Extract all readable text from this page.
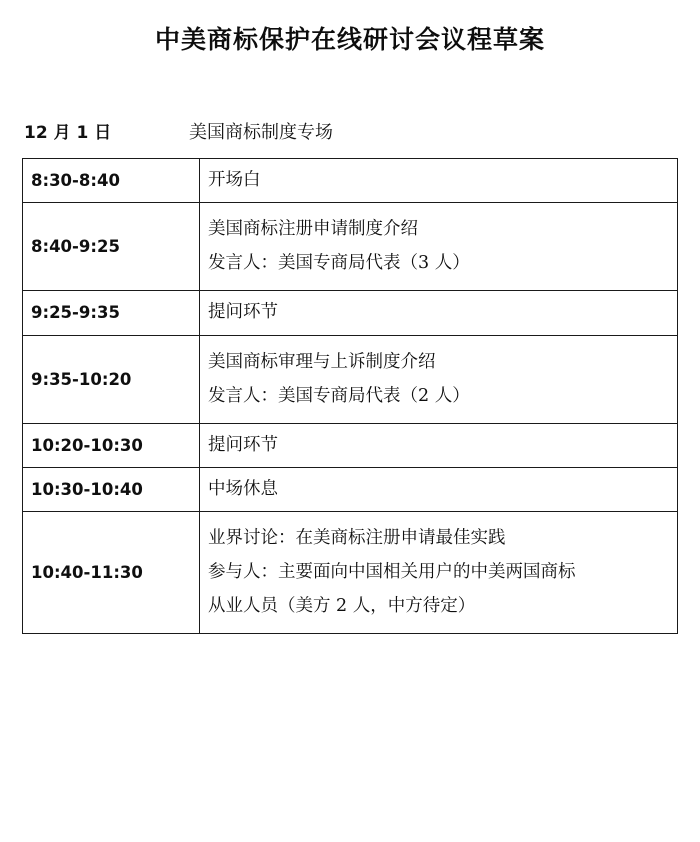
中美商标保护在线研讨会议程草案
12 月 1 日	美国商标制度专场
8:30-8:40	开场白

8:40-9:25	美国商标注册申请制度介绍
发言人：美国专商局代表（3 人）

9:25-9:35	提问环节

9:35-10:20	美国商标审理与上诉制度介绍
发言人：美国专商局代表（2 人）

10:20-10:30	提问环节

10:30-10:40	中场休息

10:40-11:30	业界讨论：在美商标注册申请最佳实践
参与人：主要面向中国相关用户的中美两国商标
从业人员（美方 2 人，中方待定）
